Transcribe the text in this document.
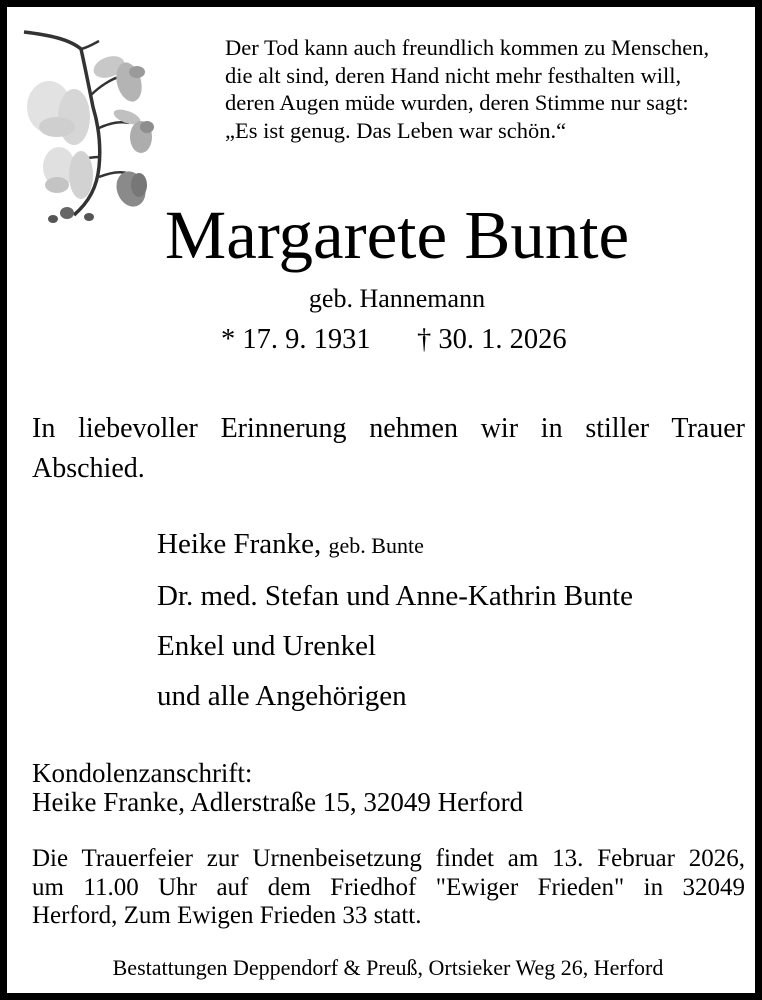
Der Tod kann auch freundlich kommen zu Menschen,
die alt sind, deren Hand nicht mehr festhalten will,
deren Augen müde wurden, deren Stimme nur sagt:
„Es ist genug. Das Leben war schön.“
Margarete Bunte
geb. Hannemann
* 17. 9. 1931 † 30. 1. 2026
In liebevoller Erinnerung nehmen wir in stiller Trauer Abschied.
Heike Franke, geb. Bunte
Dr. med. Stefan und Anne-Kathrin Bunte
Enkel und Urenkel
und alle Angehörigen
Kondolenzanschrift:
Heike Franke, Adlerstraße 15, 32049 Herford

Die Trauerfeier zur Urnenbeisetzung findet am 13. Februar 2026,

um 11.00 Uhr auf dem Friedhof "Ewiger Frieden" in 32049

Herford, Zum Ewigen Frieden 33 statt.

Bestattungen Deppendorf & Preuß, Ortsieker Weg 26, Herford
